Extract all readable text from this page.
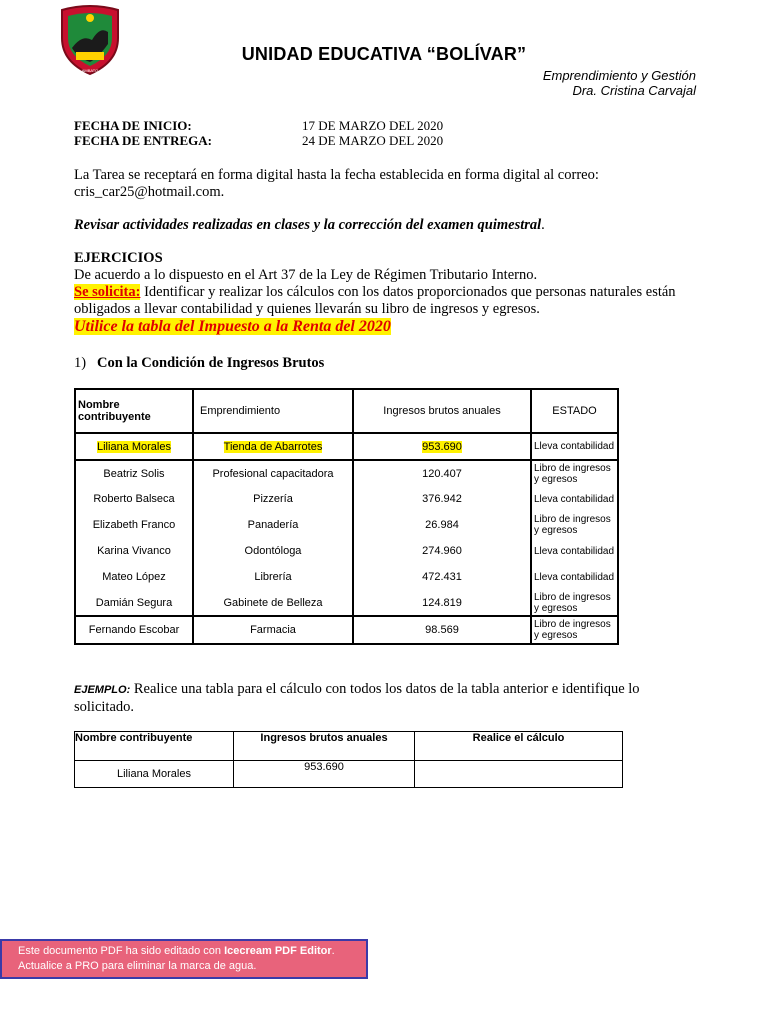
AMBATO
UNIDAD EDUCATIVA “BOLÍVAR”
Emprendimiento y Gestión
Dra. Cristina Carvajal
FECHA DE INICIO:	17 DE MARZO DEL 2020
FECHA DE ENTREGA:	24 DE MARZO DEL 2020

La Tarea se receptará en forma digital hasta la fecha establecida en forma digital al correo: cris_car25@hotmail.com.

Revisar actividades realizadas en clases y la corrección del examen quimestral.

EJERCICIOS

De acuerdo a lo dispuesto en el Art 37 de la Ley de Régimen Tributario Interno.

Se solicita: Identificar y realizar los cálculos con los datos proporcionados que personas naturales están obligados a llevar contabilidad y quienes llevarán su libro de ingresos y egresos.

Utilice la tabla del Impuesto a la Renta del 2020

1) Con la Condición de Ingresos Brutos

Nombre contribuyente	Emprendimiento	Ingresos brutos anuales	ESTADO
Liliana Morales	Tienda de Abarrotes	953.690	Lleva contabilidad
Beatriz Solis	Profesional capacitadora	120.407	Libro de ingresos y egresos
Roberto Balseca	Pizzería	376.942	Lleva contabilidad
Elizabeth Franco	Panadería	26.984	Libro de ingresos y egresos
Karina Vivanco	Odontóloga	274.960	Lleva contabilidad
Mateo López	Librería	472.431	Lleva contabilidad
Damián Segura	Gabinete de Belleza	124.819	Libro de ingresos y egresos
Fernando Escobar	Farmacia	98.569	Libro de ingresos y egresos

EJEMPLO: Realice una tabla para el cálculo con todos los datos de la tabla anterior e identifique lo solicitado.

Nombre contribuyente	Ingresos brutos anuales	Realice el cálculo
Liliana Morales	953.690	
Este documento PDF ha sido editado con Icecream PDF Editor.
Actualice a PRO para eliminar la marca de agua.
